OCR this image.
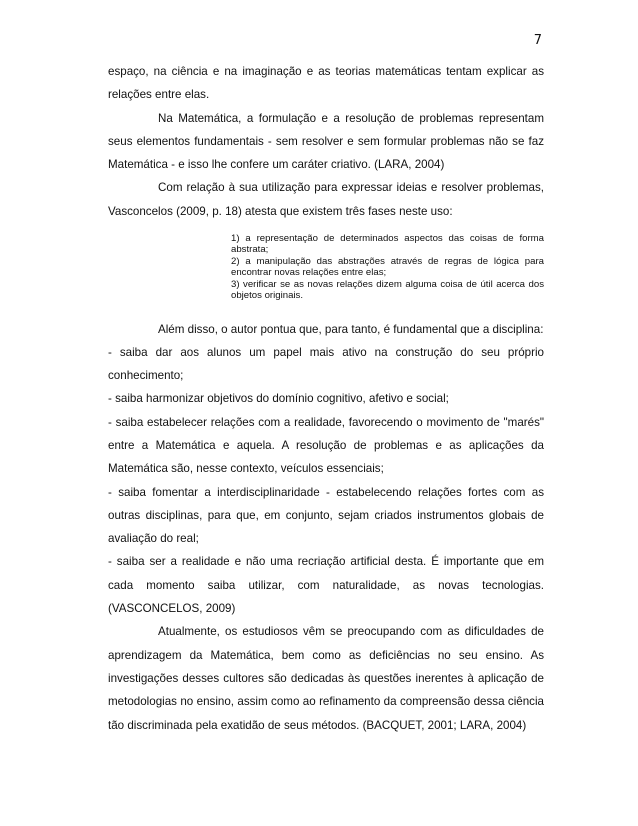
7

espaço, na ciência e na imaginação e as teorias matemáticas tentam explicar as relações entre elas.

Na Matemática, a formulação e a resolução de problemas representam seus elementos fundamentais - sem resolver e sem formular problemas não se faz Matemática - e isso lhe confere um caráter criativo. (LARA, 2004)

Com relação à sua utilização para expressar ideias e resolver problemas, Vasconcelos (2009, p. 18) atesta que existem três fases neste uso:

1) a representação de determinados aspectos das coisas de forma abstrata;

2) a manipulação das abstrações através de regras de lógica para encontrar novas relações entre elas;

3) verificar se as novas relações dizem alguma coisa de útil acerca dos objetos originais.

Além disso, o autor pontua que, para tanto, é fundamental que a disciplina:

- saiba dar aos alunos um papel mais ativo na construção do seu próprio conhecimento;

- saiba harmonizar objetivos do domínio cognitivo, afetivo e social;

- saiba estabelecer relações com a realidade, favorecendo o movimento de "marés" entre a Matemática e aquela. A resolução de problemas e as aplicações da Matemática são, nesse contexto, veículos essenciais;

- saiba fomentar a interdisciplinaridade - estabelecendo relações fortes com as outras disciplinas, para que, em conjunto, sejam criados instrumentos globais de avaliação do real;

- saiba ser a realidade e não uma recriação artificial desta. É importante que em cada momento saiba utilizar, com naturalidade, as novas tecnologias. (VASCONCELOS, 2009)

Atualmente, os estudiosos vêm se preocupando com as dificuldades de aprendizagem da Matemática, bem como as deficiências no seu ensino. As investigações desses cultores são dedicadas às questões inerentes à aplicação de metodologias no ensino, assim como ao refinamento da compreensão dessa ciência tão discriminada pela exatidão de seus métodos. (BACQUET, 2001; LARA, 2004)
